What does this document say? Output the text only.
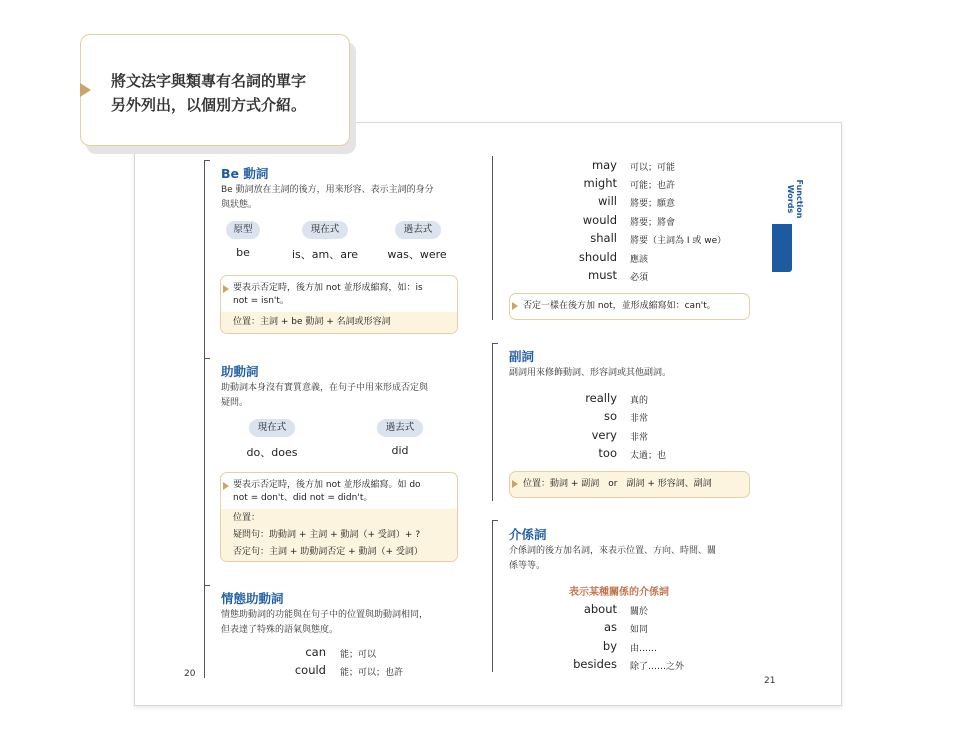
將文法字與類專有名詞的單字
另外列出，以個別方式介紹。
Be 動詞
Be 動詞放在主詞的後方，用來形容、表示主詞的身分
與狀態。
原型	現在式	過去式
be	is、am、are	was、were
要表示否定時，後方加 not 並形成縮寫，如：is
not = isn't。
位置：主詞 + be 動詞 + 名詞或形容詞
助動詞
助動詞本身沒有實質意義，在句子中用來形成否定與
疑問。
現在式	過去式
do、does	did
要表示否定時，後方加 not 並形成縮寫。如 do
not = don't、did not = didn't。
位置：
疑問句：助動詞 + 主詞 + 動詞（+ 受詞）+ ?
否定句：主詞 + 助動詞否定 + 動詞（+ 受詞）
情態助動詞
情態助動詞的功能與在句子中的位置與助動詞相同，
但表達了特殊的語氣與態度。
can 能；可以
could 能；可以；也許
20
may 可以；可能
might 可能；也許
will 將要；願意
would 將要；將會
shall 將要（主詞為 I 或 we）
should 應該
must 必須
否定一樣在後方加 not，並形成縮寫如：can't。
副詞
副詞用來修飾動詞、形容詞或其他副詞。
really 真的
so 非常
very 非常
too 太過；也
位置：動詞 + 副詞　or　副詞 + 形容詞、副詞
介係詞
介係詞的後方加名詞，來表示位置、方向、時間、關
係等等。
表示某種關係的介係詞
about 關於
as 如同
by 由……
besides 除了……之外
21
Function Words
